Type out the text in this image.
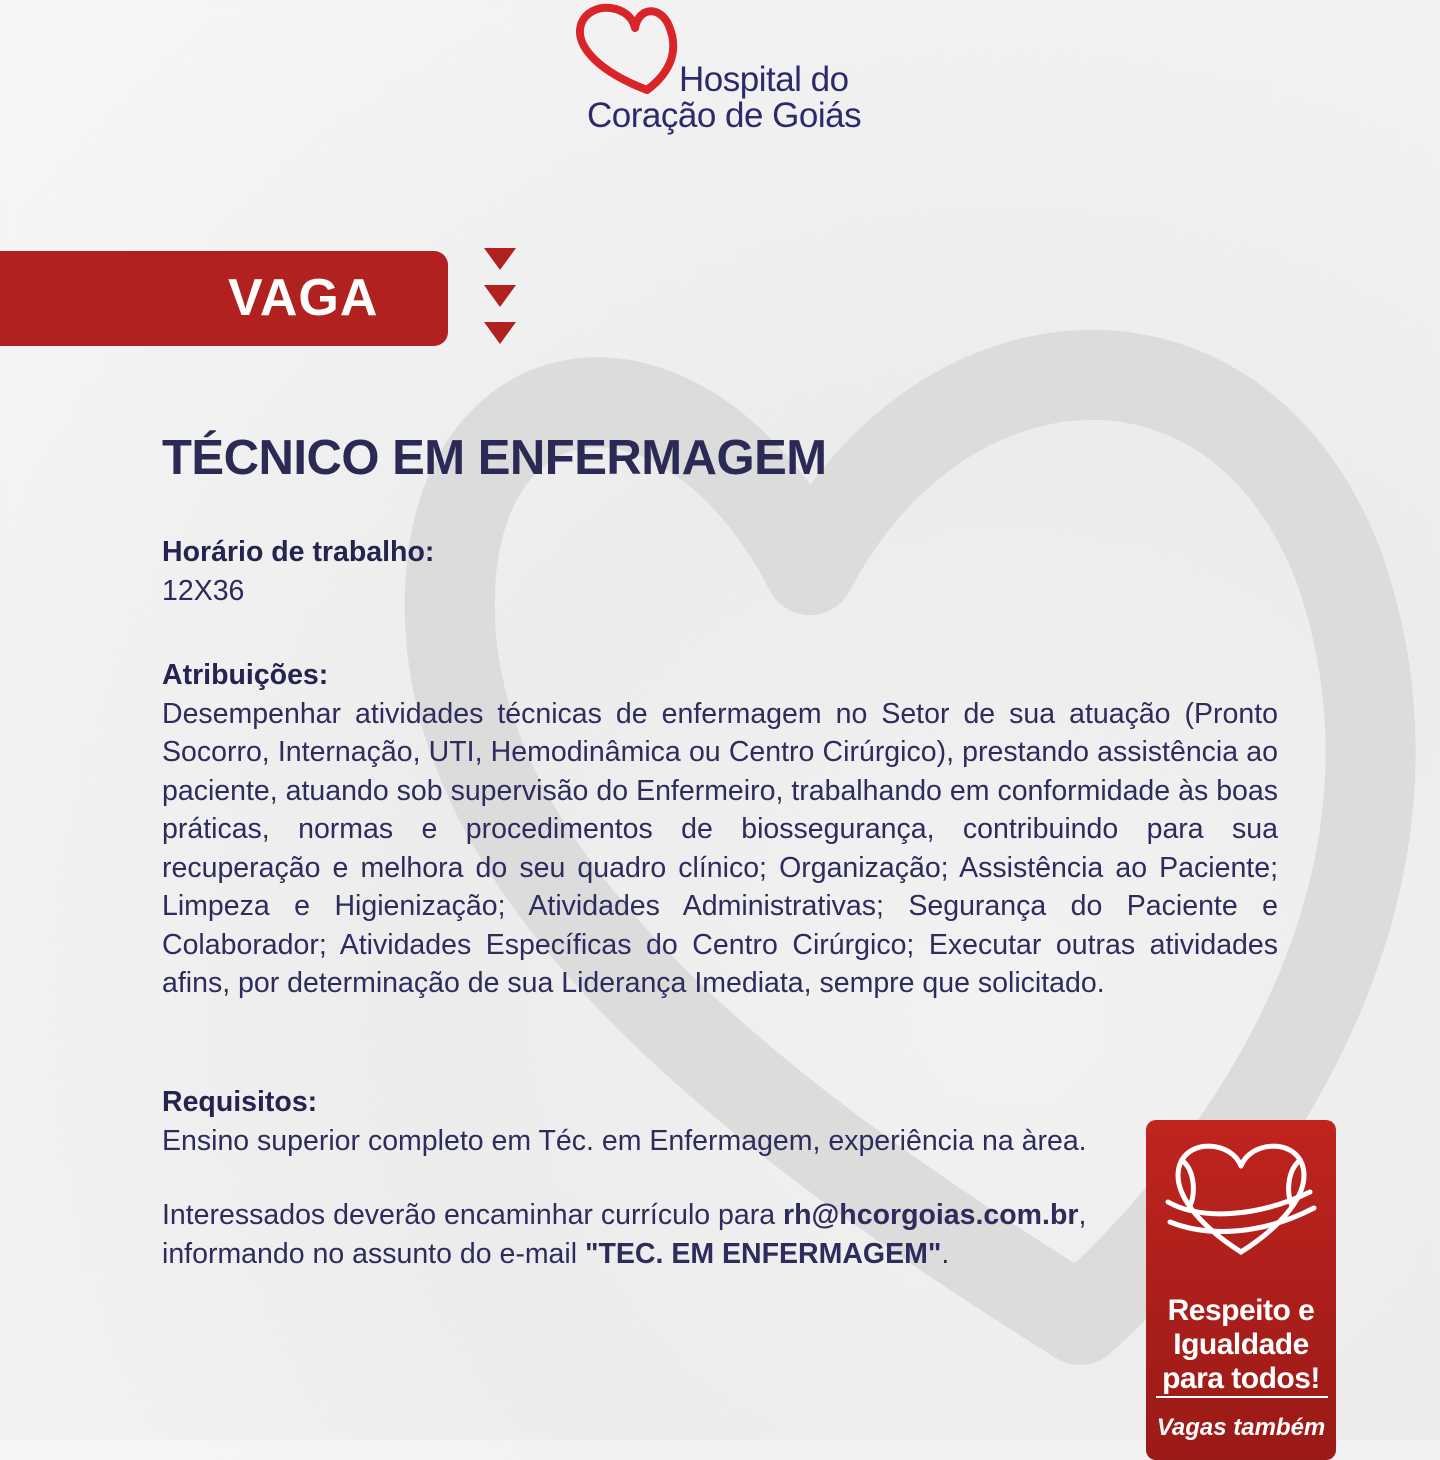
Hospital do
Coração de Goiás
VAGA
TÉCNICO EM ENFERMAGEM
Horário de trabalho:
12X36
Atribuições:
Desempenhar atividades técnicas de enfermagem no Setor de sua atuação (Pronto Socorro, Internação, UTI, Hemodinâmica ou Centro Cirúrgico), prestando assistência ao paciente, atuando sob supervisão do Enfermeiro, trabalhando em conformidade às boas práticas, normas e procedimentos de biossegurança, contribuindo para sua recuperação e melhora do seu quadro clínico; Organização; Assistência ao Paciente; Limpeza e Higienização; Atividades Administrativas; Segurança do Paciente e Colaborador; Atividades Específicas do Centro Cirúrgico; Executar outras atividades afins, por determinação de sua Liderança Imediata, sempre que solicitado.
Requisitos:
Ensino superior completo em Téc. em Enfermagem, experiência na àrea.
Interessados deverão encaminhar currículo para rh@hcorgoias.com.br,
informando no assunto do e-mail "TEC. EM ENFERMAGEM".
Respeito e
Igualdade
para todos!
Vagas também
